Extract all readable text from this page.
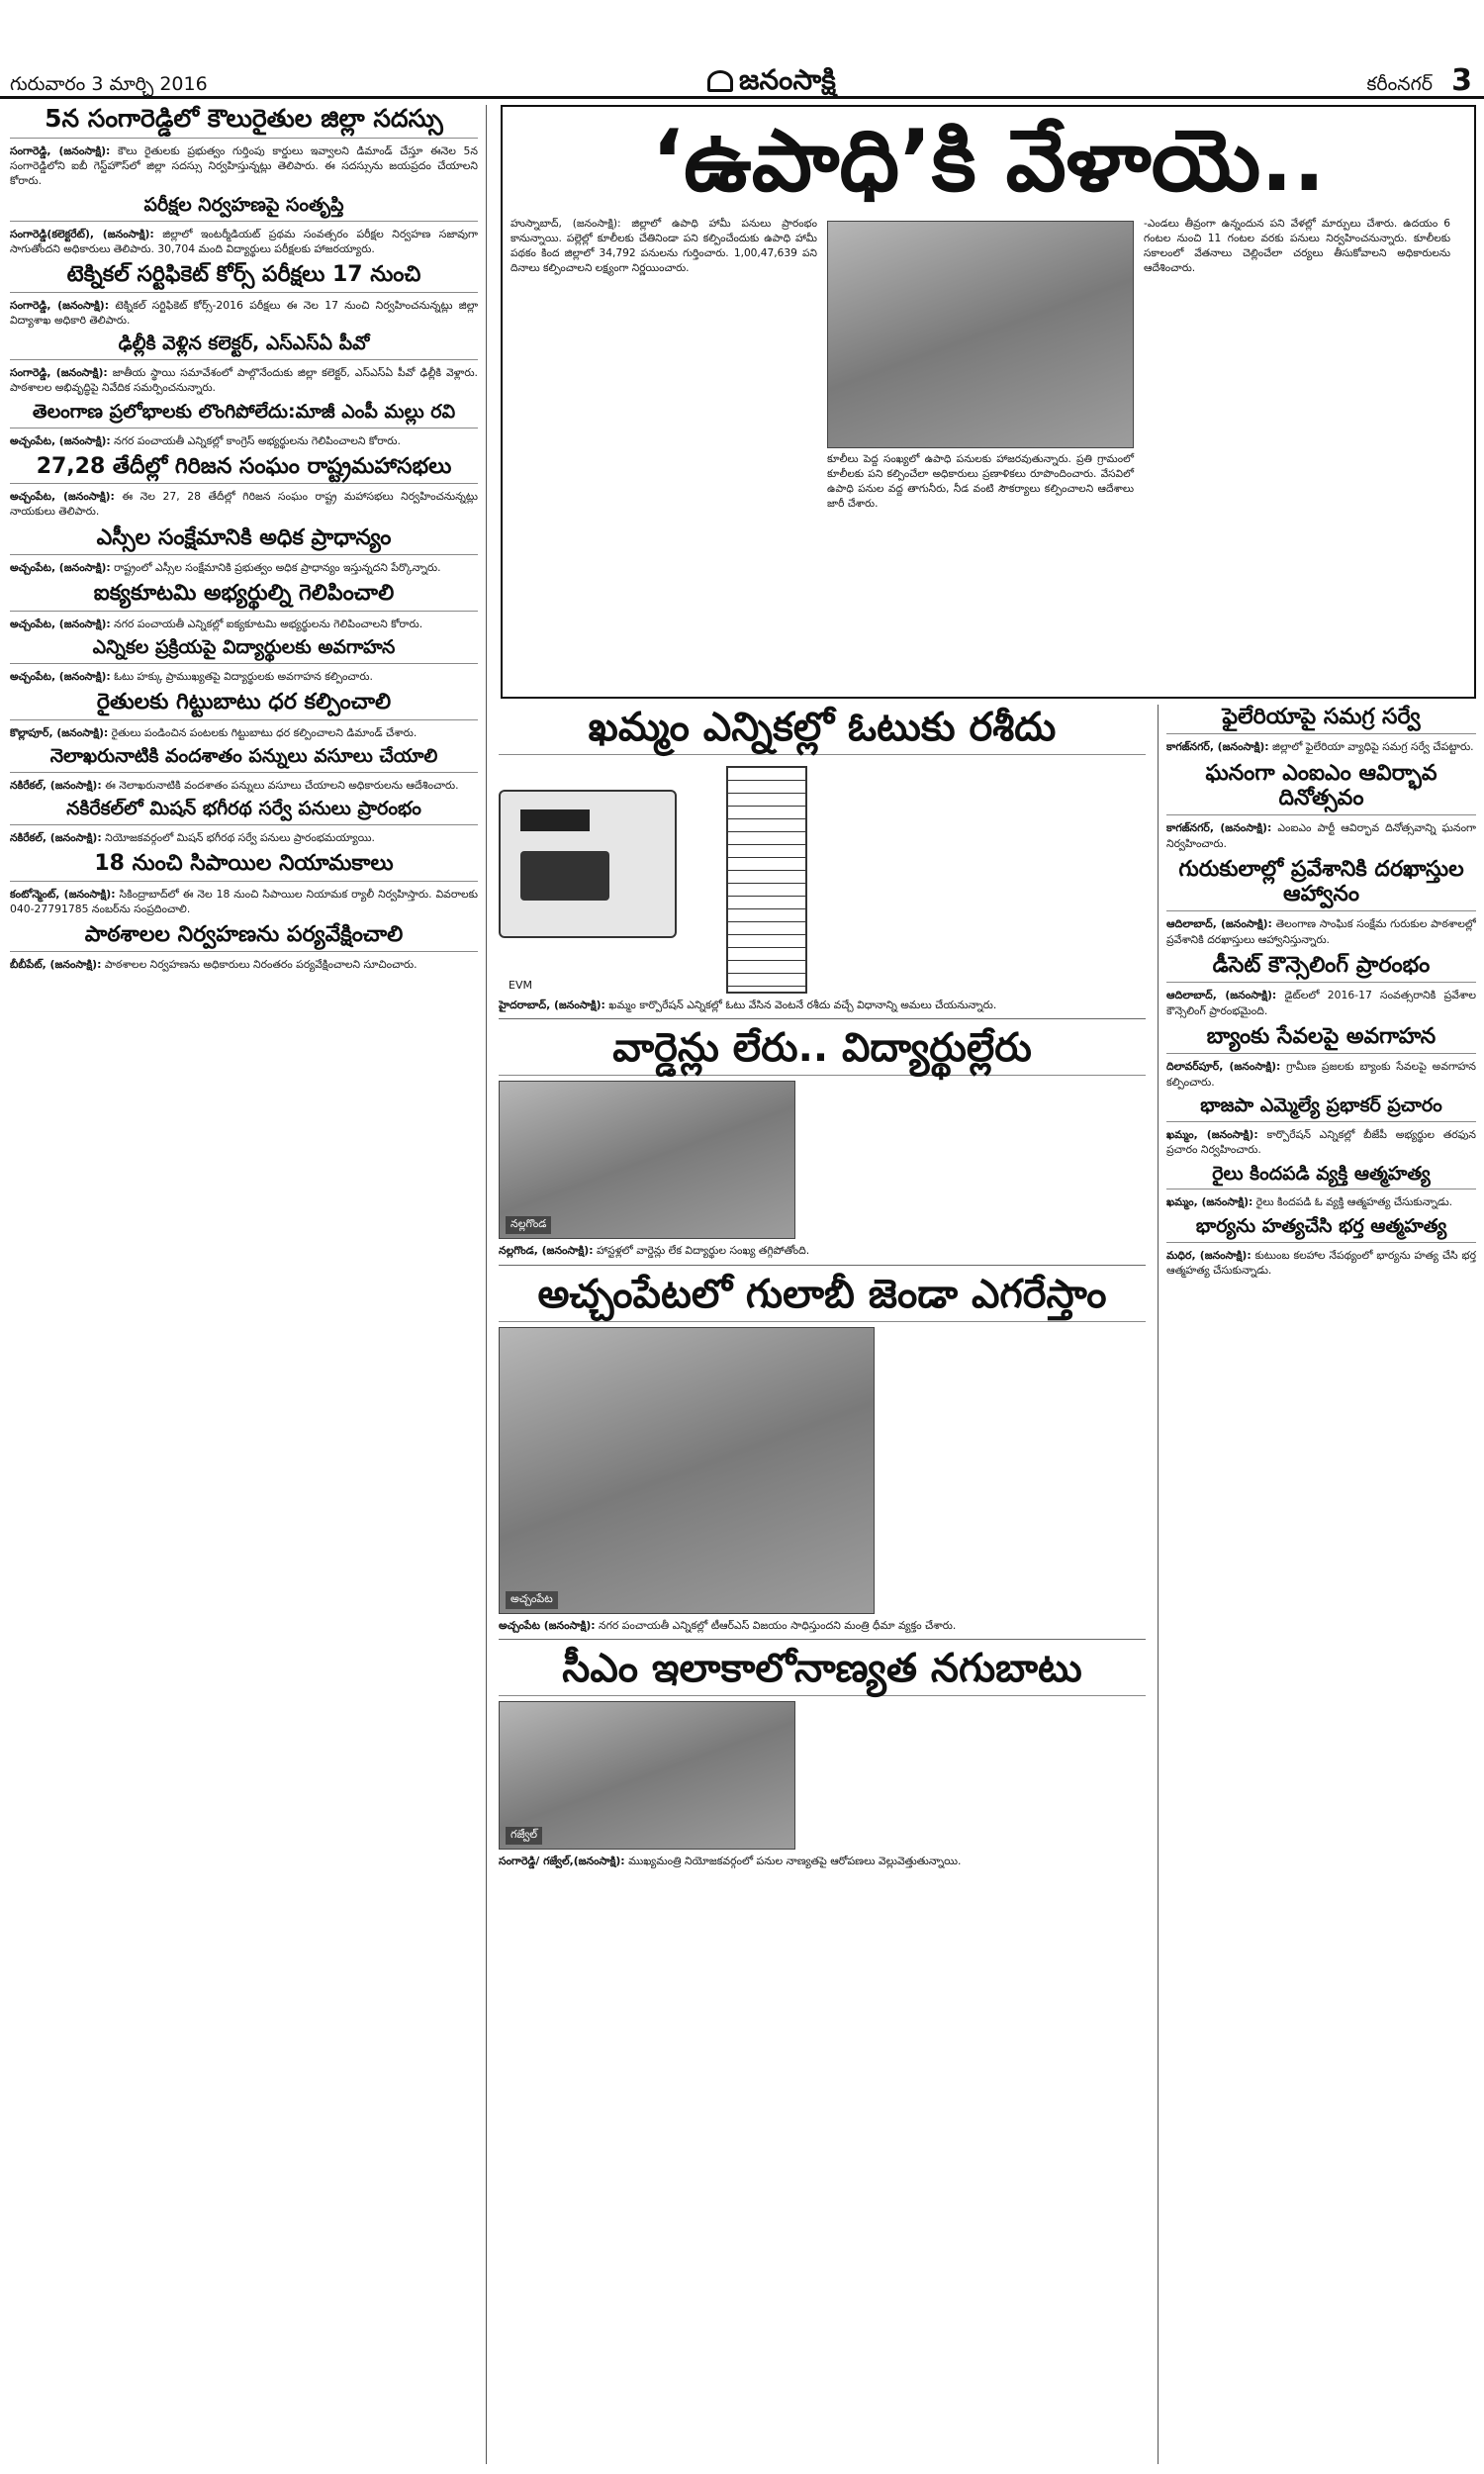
గురువారం 3 మార్చి 2016	జనంసాక్షి	కరీంనగర్ 3
‘ఉపాధి’కి వేళాయె..

హుస్నాబాద్, (జనంసాక్షి): జిల్లాలో ఉపాధి హామీ పనులు ప్రారంభం కానున్నాయి. పల్లెల్లో కూలీలకు చేతినిండా పని కల్పించేందుకు ఉపాధి హామీ పథకం కింద జిల్లాలో 34,792 పనులను గుర్తించారు. 1,00,47,639 పని దినాలు కల్పించాలని లక్ష్యంగా నిర్ణయించారు.

కూలీలు పెద్ద సంఖ్యలో ఉపాధి పనులకు హాజరవుతున్నారు. ప్రతి గ్రామంలో కూలీలకు పని కల్పించేలా అధికారులు ప్రణాళికలు రూపొందించారు. వేసవిలో ఉపాధి పనుల వద్ద తాగునీరు, నీడ వంటి సౌకర్యాలు కల్పించాలని ఆదేశాలు జారీ చేశారు.

-ఎండలు తీవ్రంగా ఉన్నందున పని వేళల్లో మార్పులు చేశారు. ఉదయం 6 గంటల నుంచి 11 గంటల వరకు పనులు నిర్వహించనున్నారు. కూలీలకు సకాలంలో వేతనాలు చెల్లించేలా చర్యలు తీసుకోవాలని అధికారులను ఆదేశించారు.

5న సంగారెడ్డిలో కౌలురైతుల జిల్లా సదస్సు

సంగారెడ్డి, (జనంసాక్షి): కౌలు రైతులకు ప్రభుత్వం గుర్తింపు కార్డులు ఇవ్వాలని డిమాండ్ చేస్తూ ఈనెల 5న సంగారెడ్డిలోని ఐబీ గెస్ట్‌హౌస్‌లో జిల్లా సదస్సు నిర్వహిస్తున్నట్లు తెలిపారు. ఈ సదస్సును జయప్రదం చేయాలని కోరారు.

పరీక్షల నిర్వహణపై సంతృప్తి

సంగారెడ్డి(కలెక్టరేట్), (జనంసాక్షి): జిల్లాలో ఇంటర్మీడియట్ ప్రథమ సంవత్సరం పరీక్షల నిర్వహణ సజావుగా సాగుతోందని అధికారులు తెలిపారు. 30,704 మంది విద్యార్థులు పరీక్షలకు హాజరయ్యారు.

టెక్నికల్ సర్టిఫికెట్ కోర్స్ పరీక్షలు 17 నుంచి

సంగారెడ్డి, (జనంసాక్షి): టెక్నికల్ సర్టిఫికెట్ కోర్స్-2016 పరీక్షలు ఈ నెల 17 నుంచి నిర్వహించనున్నట్లు జిల్లా విద్యాశాఖ అధికారి తెలిపారు.

ఢిల్లీకి వెళ్లిన కలెక్టర్, ఎస్ఎస్ఏ పీవో

సంగారెడ్డి, (జనంసాక్షి): జాతీయ స్థాయి సమావేశంలో పాల్గొనేందుకు జిల్లా కలెక్టర్, ఎస్ఎస్ఏ పీవో ఢిల్లీకి వెళ్లారు. పాఠశాలల అభివృద్ధిపై నివేదిక సమర్పించనున్నారు.

తెలంగాణ ప్రలోభాలకు లొంగిపోలేదు:మాజీ ఎంపీ మల్లు రవి

అచ్చంపేట, (జనంసాక్షి): నగర పంచాయతీ ఎన్నికల్లో కాంగ్రెస్ అభ్యర్థులను గెలిపించాలని కోరారు.

27,28 తేదీల్లో గిరిజన సంఘం రాష్ట్రమహాసభలు

అచ్చంపేట, (జనంసాక్షి): ఈ నెల 27, 28 తేదీల్లో గిరిజన సంఘం రాష్ట్ర మహాసభలు నిర్వహించనున్నట్లు నాయకులు తెలిపారు.

ఎస్సీల సంక్షేమానికి అధిక ప్రాధాన్యం

అచ్చంపేట, (జనంసాక్షి): రాష్ట్రంలో ఎస్సీల సంక్షేమానికి ప్రభుత్వం అధిక ప్రాధాన్యం ఇస్తున్నదని పేర్కొన్నారు.

ఐక్యకూటమి అభ్యర్థుల్ని గెలిపించాలి

అచ్చంపేట, (జనంసాక్షి): నగర పంచాయతీ ఎన్నికల్లో ఐక్యకూటమి అభ్యర్థులను గెలిపించాలని కోరారు.

ఎన్నికల ప్రక్రియపై విద్యార్థులకు అవగాహన

అచ్చంపేట, (జనంసాక్షి): ఓటు హక్కు ప్రాముఖ్యతపై విద్యార్థులకు అవగాహన కల్పించారు.

రైతులకు గిట్టుబాటు ధర కల్పించాలి

కొల్లాపూర్, (జనంసాక్షి): రైతులు పండించిన పంటలకు గిట్టుబాటు ధర కల్పించాలని డిమాండ్ చేశారు.

నెలాఖరునాటికి వందశాతం పన్నులు వసూలు చేయాలి

నకిరేకల్, (జనంసాక్షి): ఈ నెలాఖరునాటికి వందశాతం పన్నులు వసూలు చేయాలని అధికారులను ఆదేశించారు.

నకిరేకల్‌లో మిషన్ భగీరథ సర్వే పనులు ప్రారంభం

నకిరేకల్, (జనంసాక్షి): నియోజకవర్గంలో మిషన్ భగీరథ సర్వే పనులు ప్రారంభమయ్యాయి.

18 నుంచి సిపాయిల నియామకాలు

కంటోన్మెంట్, (జనంసాక్షి): సికింద్రాబాద్‌లో ఈ నెల 18 నుంచి సిపాయిల నియామక ర్యాలీ నిర్వహిస్తారు. వివరాలకు 040-27791785 నంబర్‌ను సంప్రదించాలి.

పాఠశాలల నిర్వహణను పర్యవేక్షించాలి

బీబీపేట్, (జనంసాక్షి): పాఠశాలల నిర్వహణను అధికారులు నిరంతరం పర్యవేక్షించాలని సూచించారు.

ఖమ్మం ఎన్నికల్లో ఓటుకు రశీదు
EVM

హైదరాబాద్, (జనంసాక్షి): ఖమ్మం కార్పొరేషన్ ఎన్నికల్లో ఓటు వేసిన వెంటనే రశీదు వచ్చే విధానాన్ని అమలు చేయనున్నారు.

వార్డెన్లు లేరు.. విద్యార్థుల్లేరు
నల్లగొండ

నల్లగొండ, (జనంసాక్షి): హాస్టళ్లలో వార్డెన్లు లేక విద్యార్థుల సంఖ్య తగ్గిపోతోంది.

అచ్చంపేటలో గులాబీ జెండా ఎగరేస్తాం
అచ్చంపేట

అచ్చంపేట (జనంసాక్షి): నగర పంచాయతీ ఎన్నికల్లో టీఆర్ఎస్ విజయం సాధిస్తుందని మంత్రి ధీమా వ్యక్తం చేశారు.

సీఎం ఇలాకాలోనాణ్యత నగుబాటు
గజ్వేల్

సంగారెడ్డి/ గజ్వేల్,(జనంసాక్షి): ముఖ్యమంత్రి నియోజకవర్గంలో పనుల నాణ్యతపై ఆరోపణలు వెల్లువెత్తుతున్నాయి.

ఫైలేరియాపై సమగ్ర సర్వే

కాగజ్‌నగర్, (జనంసాక్షి): జిల్లాలో ఫైలేరియా వ్యాధిపై సమగ్ర సర్వే చేపట్టారు.

ఘనంగా ఎంఐఎం ఆవిర్భావ దినోత్సవం

కాగజ్‌నగర్, (జనంసాక్షి): ఎంఐఎం పార్టీ ఆవిర్భావ దినోత్సవాన్ని ఘనంగా నిర్వహించారు.

గురుకులాల్లో ప్రవేశానికి దరఖాస్తుల ఆహ్వానం

ఆదిలాబాద్, (జనంసాక్షి): తెలంగాణ సాంఘిక సంక్షేమ గురుకుల పాఠశాలల్లో ప్రవేశానికి దరఖాస్తులు ఆహ్వానిస్తున్నారు.

డీసెట్ కౌన్సెలింగ్ ప్రారంభం

ఆదిలాబాద్, (జనంసాక్షి): డైట్‌లలో 2016-17 సంవత్సరానికి ప్రవేశాల కౌన్సెలింగ్ ప్రారంభమైంది.

బ్యాంకు సేవలపై అవగాహన

దిలావర్‌పూర్, (జనంసాక్షి): గ్రామీణ ప్రజలకు బ్యాంకు సేవలపై అవగాహన కల్పించారు.

భాజపా ఎమ్మెల్యే ప్రభాకర్ ప్రచారం

ఖమ్మం, (జనంసాక్షి): కార్పొరేషన్ ఎన్నికల్లో బీజేపీ అభ్యర్థుల తరఫున ప్రచారం నిర్వహించారు.

రైలు కిందపడి వ్యక్తి ఆత్మహత్య

ఖమ్మం, (జనంసాక్షి): రైలు కిందపడి ఓ వ్యక్తి ఆత్మహత్య చేసుకున్నాడు.

భార్యను హత్యచేసి భర్త ఆత్మహత్య

మధిర, (జనంసాక్షి): కుటుంబ కలహాల నేపథ్యంలో భార్యను హత్య చేసి భర్త ఆత్మహత్య చేసుకున్నాడు.
